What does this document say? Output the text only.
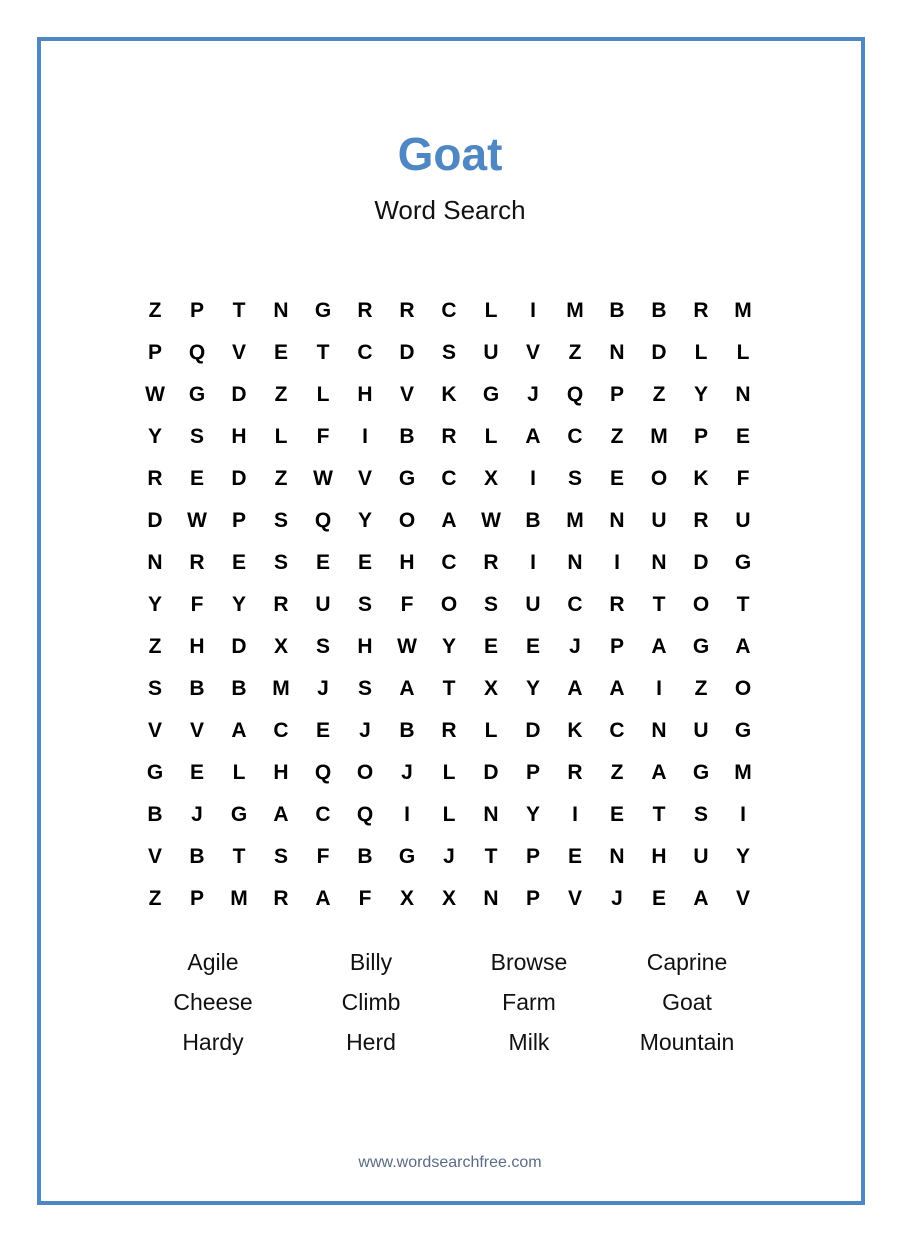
Goat
Word Search
Z	P	T	N	G	R	R	C	L	I	M	B	B	R	M
P	Q	V	E	T	C	D	S	U	V	Z	N	D	L	L
W	G	D	Z	L	H	V	K	G	J	Q	P	Z	Y	N
Y	S	H	L	F	I	B	R	L	A	C	Z	M	P	E
R	E	D	Z	W	V	G	C	X	I	S	E	O	K	F
D	W	P	S	Q	Y	O	A	W	B	M	N	U	R	U
N	R	E	S	E	E	H	C	R	I	N	I	N	D	G
Y	F	Y	R	U	S	F	O	S	U	C	R	T	O	T
Z	H	D	X	S	H	W	Y	E	E	J	P	A	G	A
S	B	B	M	J	S	A	T	X	Y	A	A	I	Z	O
V	V	A	C	E	J	B	R	L	D	K	C	N	U	G
G	E	L	H	Q	O	J	L	D	P	R	Z	A	G	M
B	J	G	A	C	Q	I	L	N	Y	I	E	T	S	I
V	B	T	S	F	B	G	J	T	P	E	N	H	U	Y
Z	P	M	R	A	F	X	X	N	P	V	J	E	A	V
Agile	Billy	Browse	Caprine
Cheese	Climb	Farm	Goat
Hardy	Herd	Milk	Mountain
www.wordsearchfree.com
